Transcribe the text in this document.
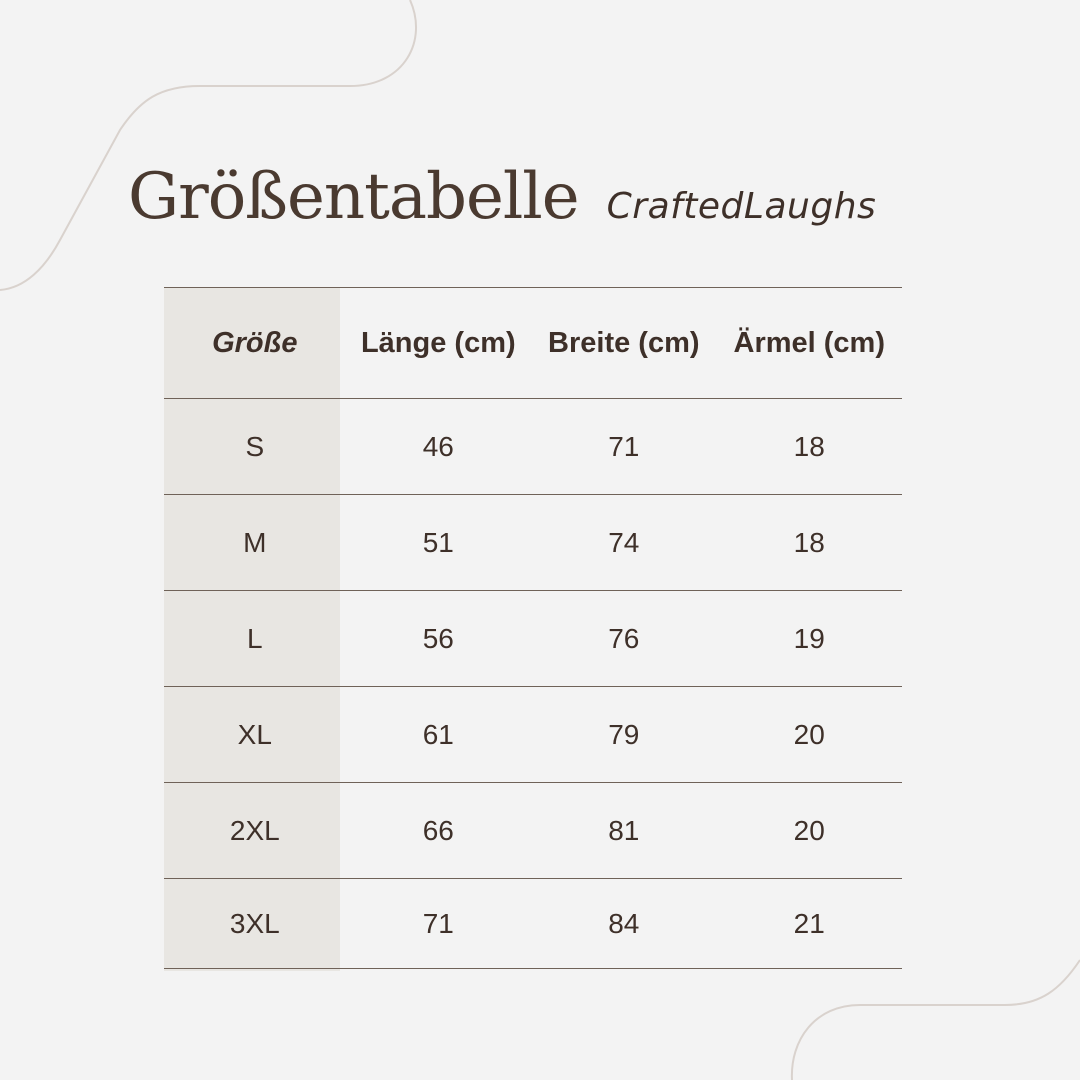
Größentabelle CraftedLaughs
Größe	Länge (cm)	Breite (cm)	Ärmel (cm)
S	46	71	18
M	51	74	18
L	56	76	19
XL	61	79	20
2XL	66	81	20
3XL	71	84	21
